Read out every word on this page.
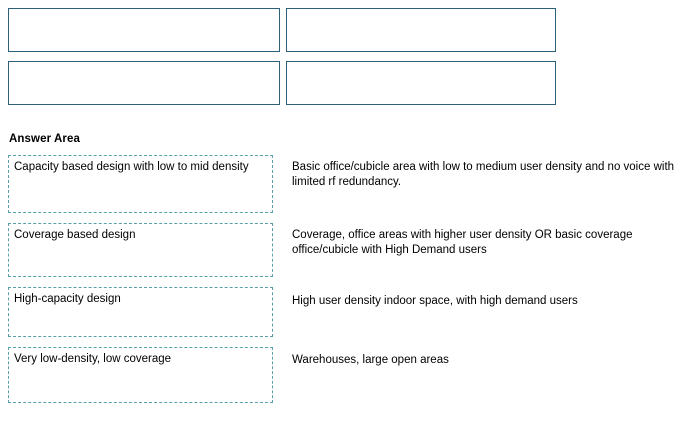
Answer Area
Capacity based design with low to mid density	Basic office/cubicle area with low to medium user density and no voice with limited rf redundancy.
Coverage based design	Coverage, office areas with higher user density OR basic coverage office/cubicle with High Demand users
High-capacity design	High user density indoor space, with high demand users
Very low-density, low coverage	Warehouses, large open areas
